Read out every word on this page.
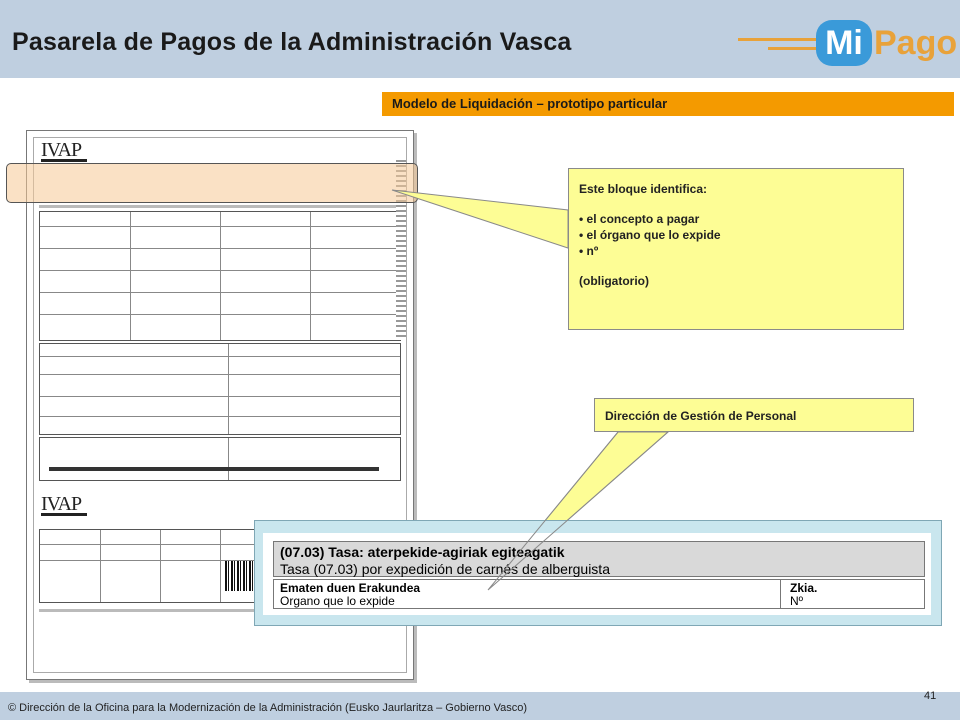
Pasarela de Pagos de la Administración Vasca	Mi Pago
Modelo de Liquidación – prototipo particular
IVAP
IVAP
Este bloque identifica:
• el concepto a pagar
• el órgano que lo expide
• nº
(obligatorio)
Dirección de Gestión de Personal
(07.03) Tasa: aterpekide-agiriak egiteagatik
Tasa (07.03) por expedición de carnés de alberguista
Ematen duen Erakundea
Organo que lo expide
Zkia.
Nº
41
© Dirección de la Oficina para la Modernización de la Administración (Eusko Jaurlaritza – Gobierno Vasco)
